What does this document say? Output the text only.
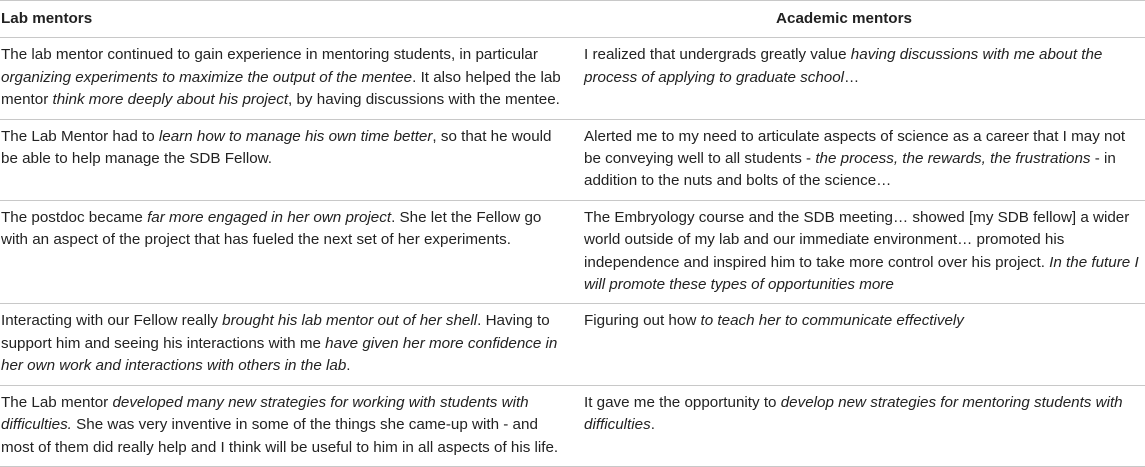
Lab mentors	Academic mentors
The lab mentor continued to gain experience in mentoring students, in particular organizing experiments to maximize the output of the mentee. It also helped the lab mentor think more deeply about his project, by having discussions with the mentee.	I realized that undergrads greatly value having discussions with me about the process of applying to graduate school…
The Lab Mentor had to learn how to manage his own time better, so that he would be able to help manage the SDB Fellow.	Alerted me to my need to articulate aspects of science as a career that I may not be conveying well to all students - the process, the rewards, the frustrations - in addition to the nuts and bolts of the science…
The postdoc became far more engaged in her own project. She let the Fellow go with an aspect of the project that has fueled the next set of her experiments.	The Embryology course and the SDB meeting… showed [my SDB fellow] a wider world outside of my lab and our immediate environment… promoted his independence and inspired him to take more control over his project. In the future I will promote these types of opportunities more
Interacting with our Fellow really brought his lab mentor out of her shell. Having to support him and seeing his interactions with me have given her more confidence in her own work and interactions with others in the lab.	Figuring out how to teach her to communicate effectively
The Lab mentor developed many new strategies for working with students with difficulties. She was very inventive in some of the things she came-up with - and most of them did really help and I think will be useful to him in all aspects of his life.	It gave me the opportunity to develop new strategies for mentoring students with difficulties.
